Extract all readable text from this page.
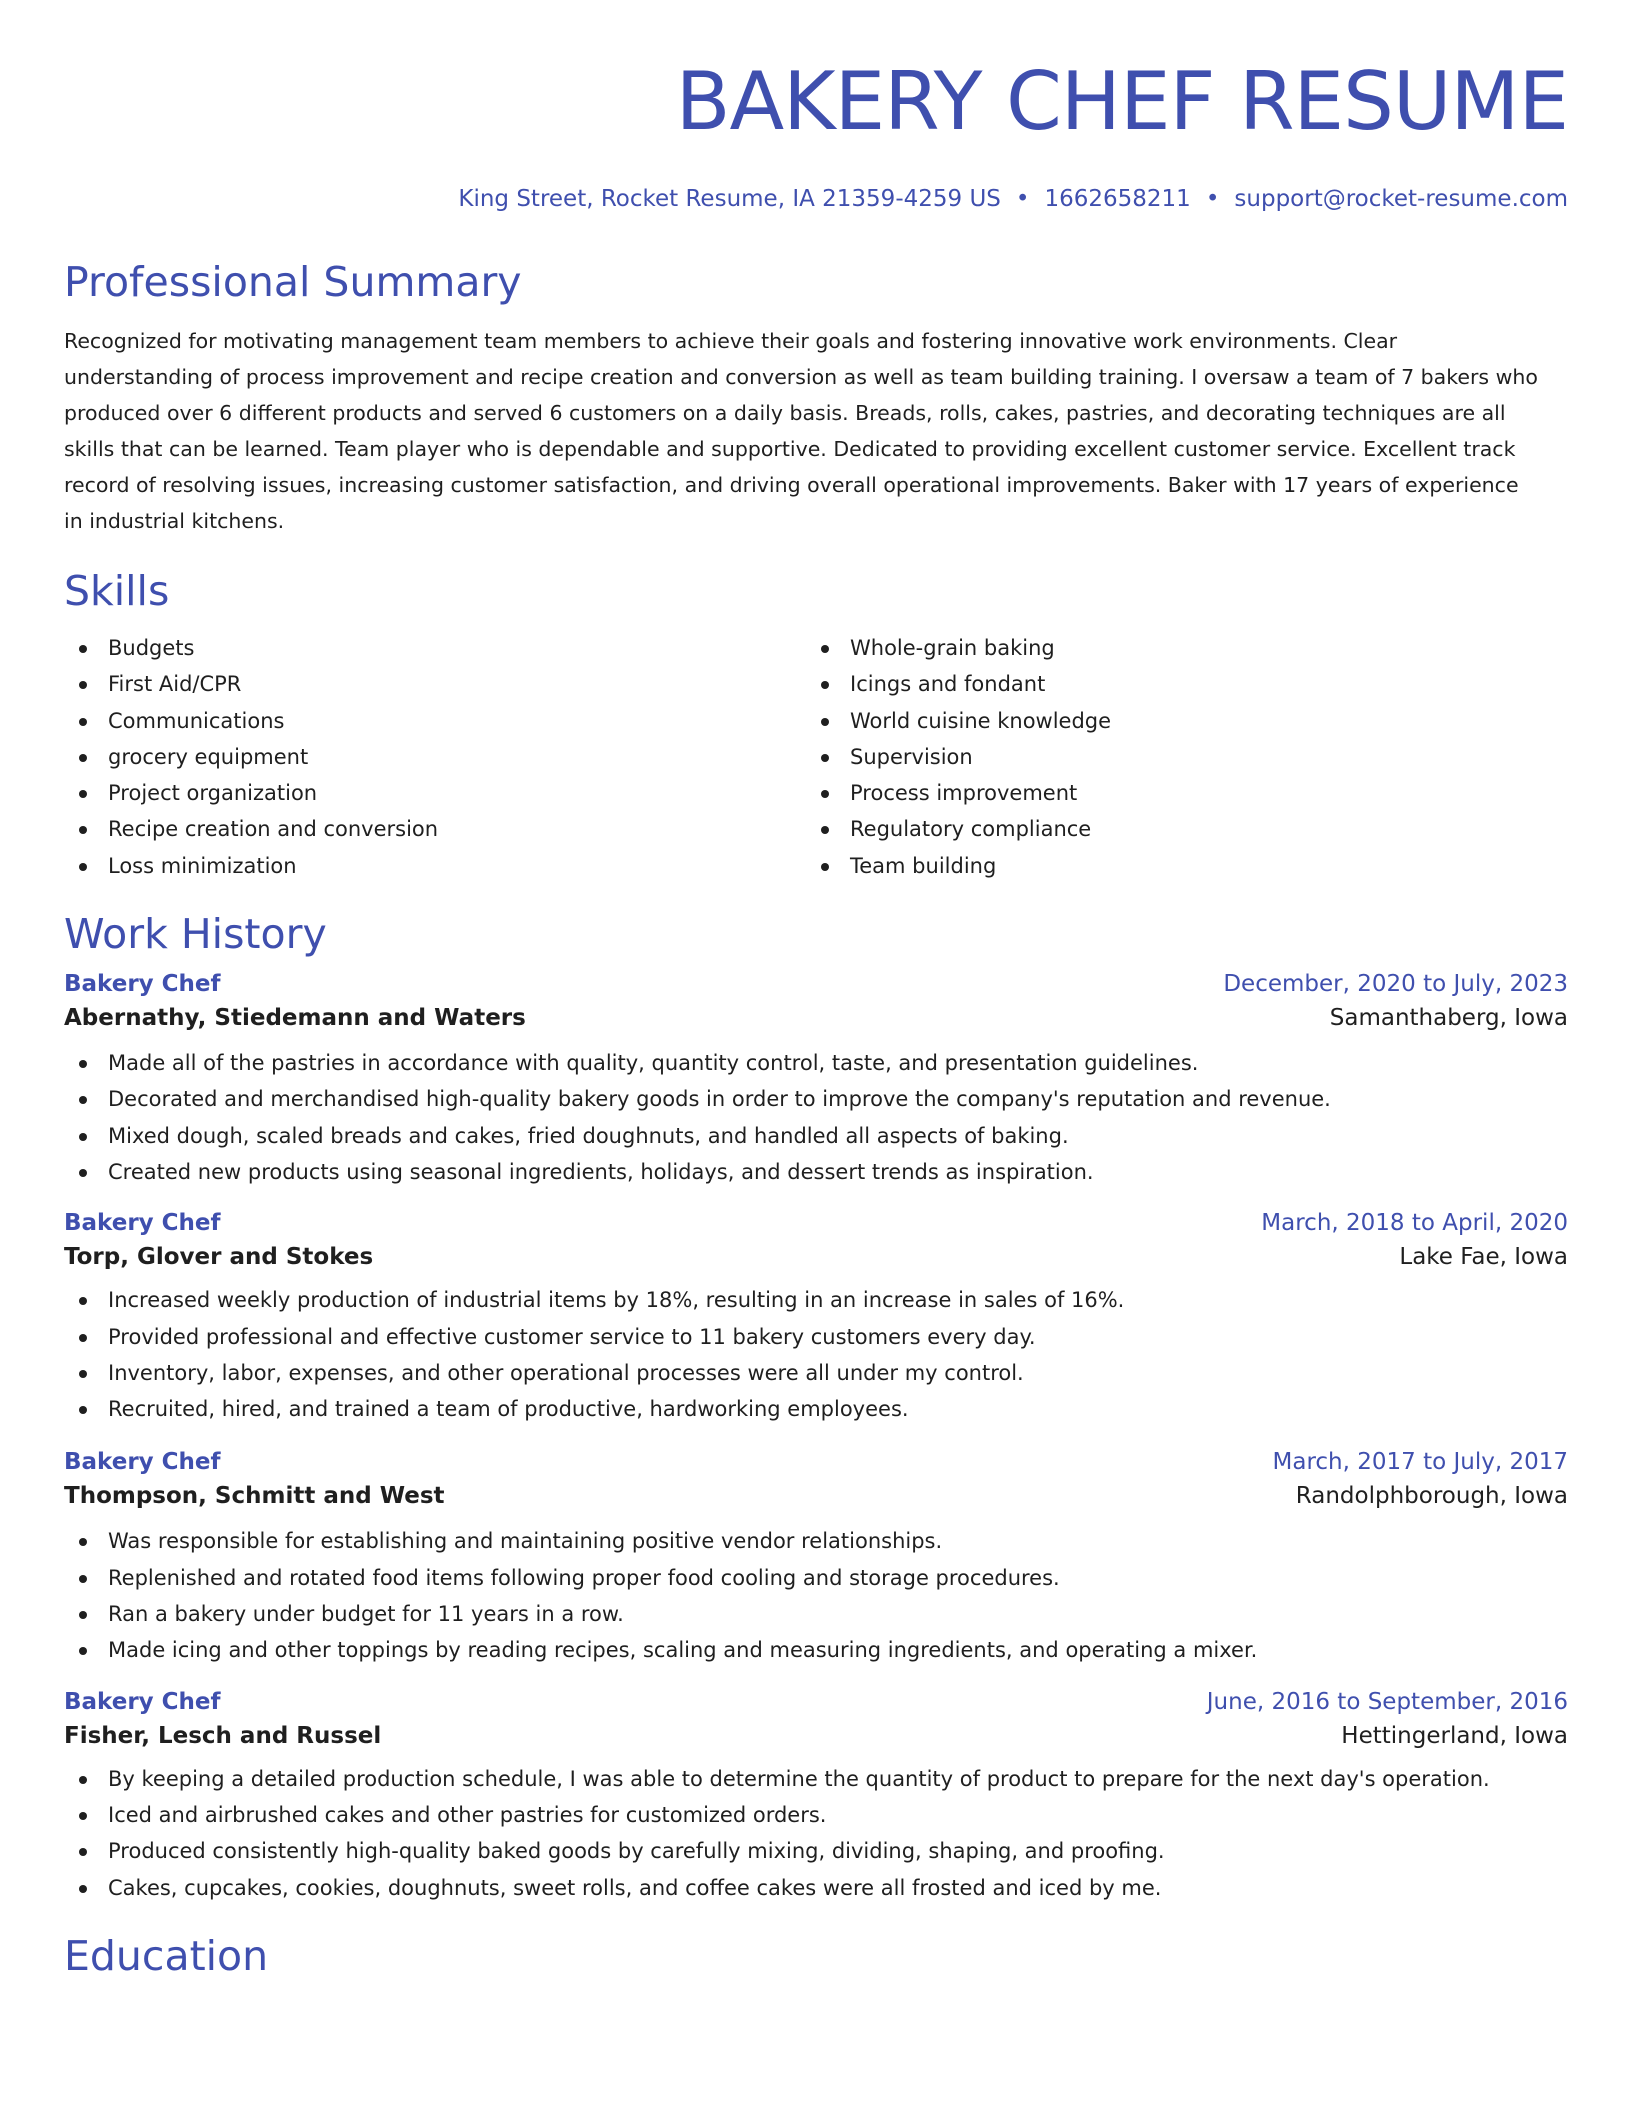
BAKERY CHEF RESUME
King Street, Rocket Resume, IA 21359-4259 US • 1662658211 • support@rocket-resume.com
Professional Summary

Recognized for motivating management team members to achieve their goals and fostering innovative work environments. Clear
understanding of process improvement and recipe creation and conversion as well as team building training. I oversaw a team of 7 bakers who
produced over 6 different products and served 6 customers on a daily basis. Breads, rolls, cakes, pastries, and decorating techniques are all
skills that can be learned. Team player who is dependable and supportive. Dedicated to providing excellent customer service. Excellent track
record of resolving issues, increasing customer satisfaction, and driving overall operational improvements. Baker with 17 years of experience
in industrial kitchens.

Skills
Budgets
First Aid/CPR
Communications
grocery equipment
Project organization
Recipe creation and conversion
Loss minimization
Whole-grain baking
Icings and fondant
World cuisine knowledge
Supervision
Process improvement
Regulatory compliance
Team building
Work History
Bakery Chef	December, 2020 to July, 2023
Abernathy, Stiedemann and Waters	Samanthaberg, Iowa
Made all of the pastries in accordance with quality, quantity control, taste, and presentation guidelines.
Decorated and merchandised high-quality bakery goods in order to improve the company's reputation and revenue.
Mixed dough, scaled breads and cakes, fried doughnuts, and handled all aspects of baking.
Created new products using seasonal ingredients, holidays, and dessert trends as inspiration.
Bakery Chef	March, 2018 to April, 2020
Torp, Glover and Stokes	Lake Fae, Iowa
Increased weekly production of industrial items by 18%, resulting in an increase in sales of 16%.
Provided professional and effective customer service to 11 bakery customers every day.
Inventory, labor, expenses, and other operational processes were all under my control.
Recruited, hired, and trained a team of productive, hardworking employees.
Bakery Chef	March, 2017 to July, 2017
Thompson, Schmitt and West	Randolphborough, Iowa
Was responsible for establishing and maintaining positive vendor relationships.
Replenished and rotated food items following proper food cooling and storage procedures.
Ran a bakery under budget for 11 years in a row.
Made icing and other toppings by reading recipes, scaling and measuring ingredients, and operating a mixer.
Bakery Chef	June, 2016 to September, 2016
Fisher, Lesch and Russel	Hettingerland, Iowa
By keeping a detailed production schedule, I was able to determine the quantity of product to prepare for the next day's operation.
Iced and airbrushed cakes and other pastries for customized orders.
Produced consistently high-quality baked goods by carefully mixing, dividing, shaping, and proofing.
Cakes, cupcakes, cookies, doughnuts, sweet rolls, and coffee cakes were all frosted and iced by me.
Education
